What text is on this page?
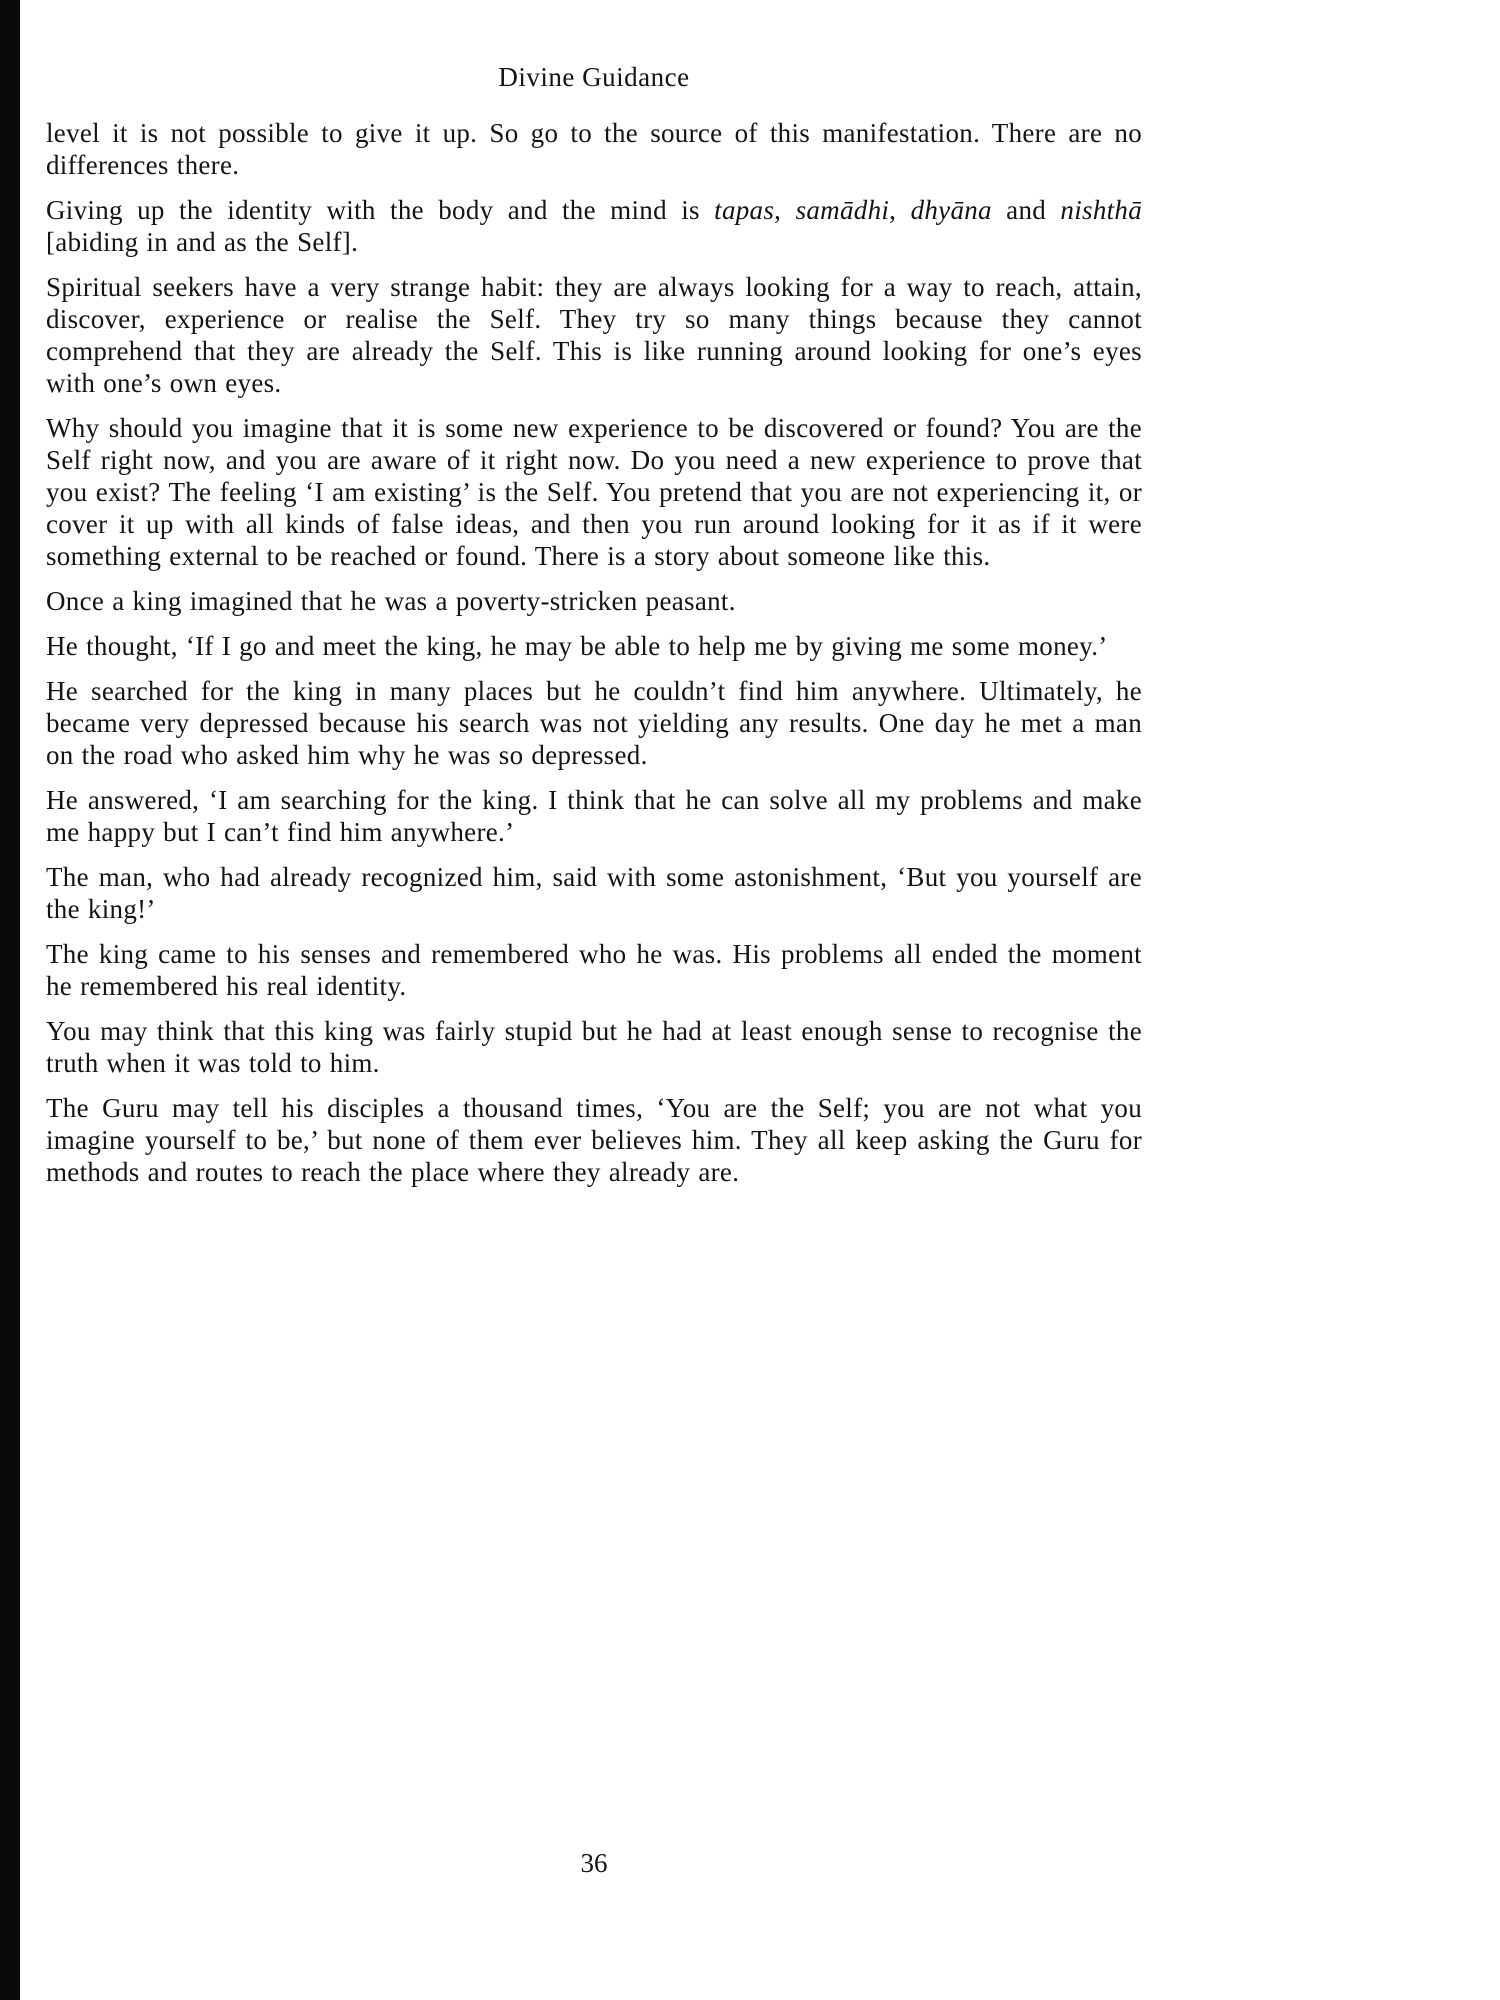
Divine Guidance

level it is not possible to give it up. So go to the source of this manifestation. There are no differences there.

Giving up the identity with the body and the mind is tapas, samādhi, dhyāna and nishthā [abiding in and as the Self].

Spiritual seekers have a very strange habit: they are always looking for a way to reach, attain, discover, experience or realise the Self. They try so many things because they cannot comprehend that they are already the Self. This is like running around looking for one’s eyes with one’s own eyes.

Why should you imagine that it is some new experience to be discovered or found? You are the Self right now, and you are aware of it right now. Do you need a new experience to prove that you exist? The feeling ‘I am existing’ is the Self. You pretend that you are not experiencing it, or cover it up with all kinds of false ideas, and then you run around looking for it as if it were something external to be reached or found. There is a story about someone like this.

Once a king imagined that he was a poverty-stricken peasant.

He thought, ‘If I go and meet the king, he may be able to help me by giving me some money.’

He searched for the king in many places but he couldn’t find him anywhere. Ultimately, he became very depressed because his search was not yielding any results. One day he met a man on the road who asked him why he was so depressed.

He answered, ‘I am searching for the king. I think that he can solve all my problems and make me happy but I can’t find him anywhere.’

The man, who had already recognized him, said with some astonishment, ‘But you yourself are the king!’

The king came to his senses and remembered who he was. His problems all ended the moment he remembered his real identity.

You may think that this king was fairly stupid but he had at least enough sense to recognise the truth when it was told to him.

The Guru may tell his disciples a thousand times, ‘You are the Self; you are not what you imagine yourself to be,’ but none of them ever believes him. They all keep asking the Guru for methods and routes to reach the place where they already are.

36
